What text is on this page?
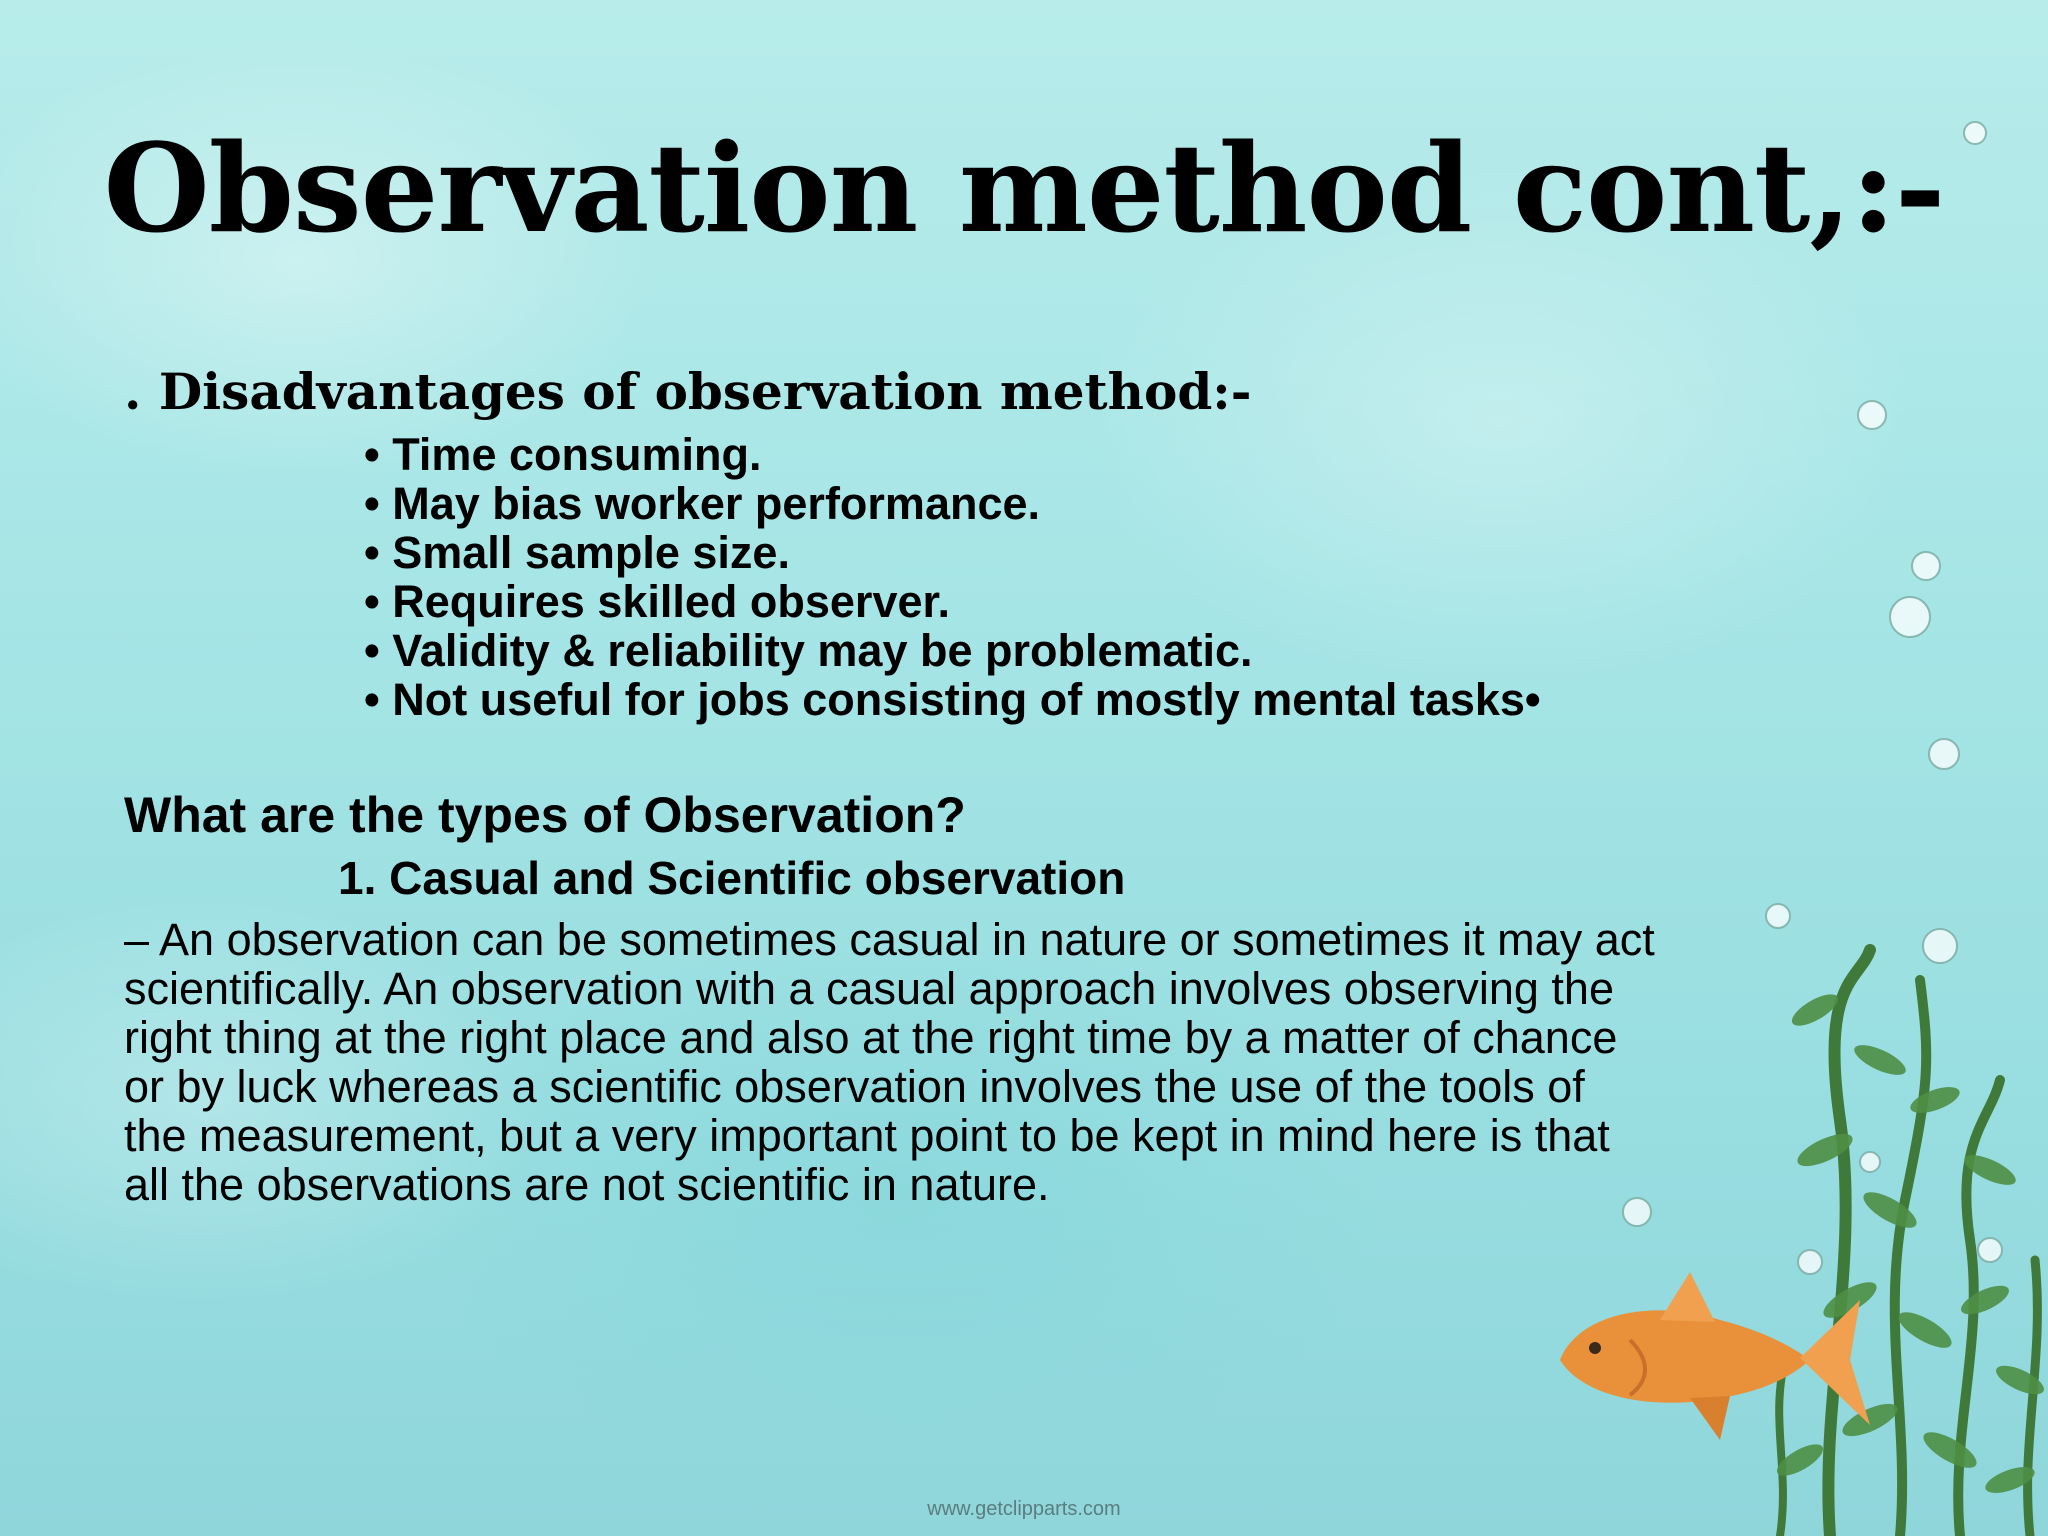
Observation method cont,:-

. Disadvantages of observation method:-

• Time consuming.
• May bias worker performance.
• Small sample size.
• Requires skilled observer.
• Validity & reliability may be problematic.
• Not useful for jobs consisting of mostly mental tasks•

What are the types of Observation?

1. Casual and Scientific observation

– An observation can be sometimes casual in nature or sometimes it may act
scientifically. An observation with a casual approach involves observing the
right thing at the right place and also at the right time by a matter of chance
or by luck whereas a scientific observation involves the use of the tools of
the measurement, but a very important point to be kept in mind here is that
all the observations are not scientific in nature.

www.getclipparts.com
